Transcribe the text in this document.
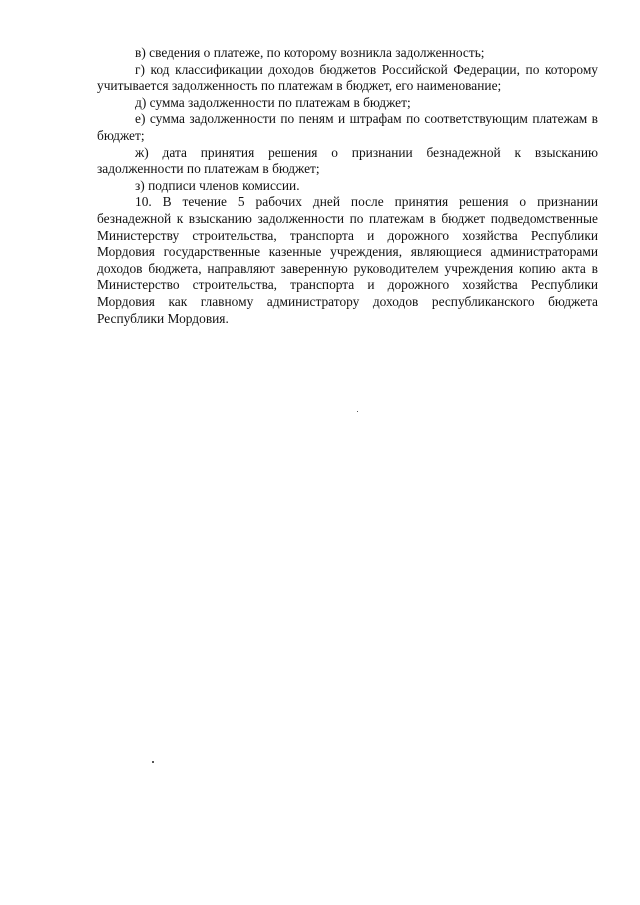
в) сведения о платеже, по которому возникла задолженность;

г) код классификации доходов бюджетов Российской Федерации, по которому учитывается задолженность по платежам в бюджет, его наименование;

д) сумма задолженности по платежам в бюджет;

е) сумма задолженности по пеням и штрафам по соответствующим платежам в бюджет;

ж) дата принятия решения о признании безнадежной к взысканию задолженности по платежам в бюджет;

з) подписи членов комиссии.

10. В течение 5 рабочих дней после принятия решения о признании безнадежной к взысканию задолженности по платежам в бюджет подведомственные Министерству строительства, транспорта и дорожного хозяйства Республики Мордовия государственные казенные учреждения, являющиеся администраторами доходов бюджета, направляют заверенную руководителем учреждения копию акта в Министерство строительства, транспорта и дорожного хозяйства Республики Мордовия как главному администратору доходов республиканского бюджета Республики Мордовия.
